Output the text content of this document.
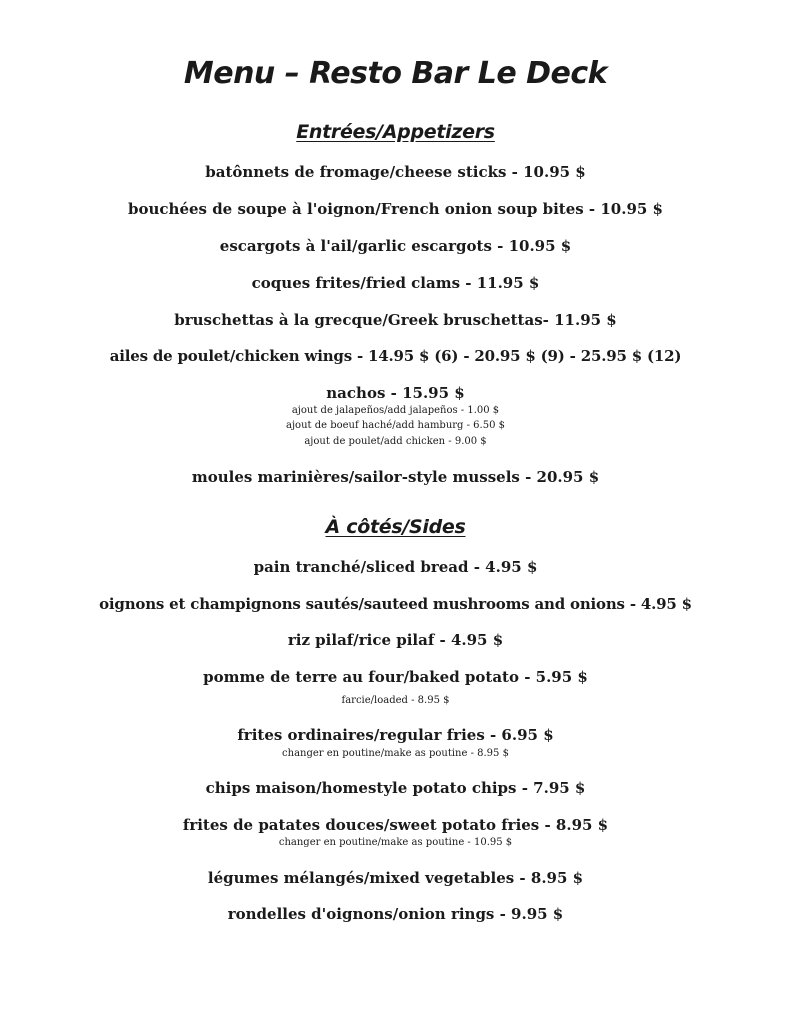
Menu – Resto Bar Le Deck
Entrées/Appetizers
batônnets de fromage/cheese sticks - 10.95 $
bouchées de soupe à l'oignon/French onion soup bites - 10.95 $
escargots à l'ail/garlic escargots - 10.95 $
coques frites/fried clams - 11.95 $
bruschettas à la grecque/Greek bruschettas- 11.95 $
ailes de poulet/chicken wings - 14.95 $ (6) - 20.95 $ (9) - 25.95 $ (12)
nachos - 15.95 $
ajout de jalapeños/add jalapeños - 1.00 $
ajout de boeuf haché/add hamburg - 6.50 $
ajout de poulet/add chicken - 9.00 $
moules marinières/sailor-style mussels - 20.95 $
À côtés/Sides
pain tranché/sliced bread - 4.95 $
oignons et champignons sautés/sauteed mushrooms and onions - 4.95 $
riz pilaf/rice pilaf - 4.95 $
pomme de terre au four/baked potato - 5.95 $
farcie/loaded - 8.95 $
frites ordinaires/regular fries - 6.95 $
changer en poutine/make as poutine - 8.95 $
chips maison/homestyle potato chips - 7.95 $
frites de patates douces/sweet potato fries - 8.95 $
changer en poutine/make as poutine - 10.95 $
légumes mélangés/mixed vegetables - 8.95 $
rondelles d'oignons/onion rings - 9.95 $
